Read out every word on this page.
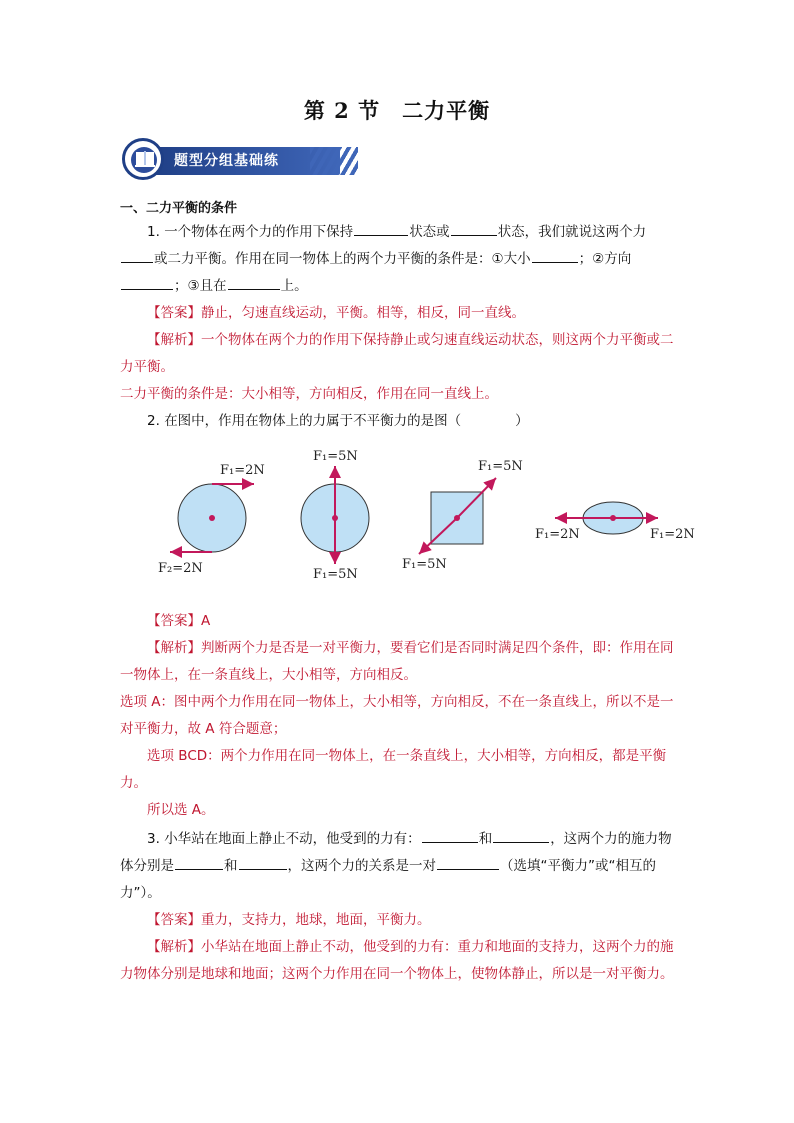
第 2 节　二力平衡
题型分组基础练
一、二力平衡的条件
1. 一个物体在两个力的作用下保持	状态或	状态，我们就说这两个力或二力平衡。作用在同一物体上的两个力平衡的条件是：①大小	；②方向；③且在	上。
【答案】静止，匀速直线运动，平衡。相等，相反，同一直线。
【解析】一个物体在两个力的作用下保持静止或匀速直线运动状态，则这两个力平衡或二力平衡。
二力平衡的条件是：大小相等，方向相反，作用在同一直线上。
2. 在图中，作用在物体上的力属于不平衡力的是图（　　　　）
F₁=2N
F₂=2N
F₁=5N
F₁=5N
F₁=5N
F₁=5N
F₁=2N	F₁=2N
【答案】A
【解析】判断两个力是否是一对平衡力，要看它们是否同时满足四个条件，即：作用在同一物体上，在一条直线上，大小相等，方向相反。
选项 A：图中两个力作用在同一物体上，大小相等，方向相反，不在一条直线上，所以不是一对平衡力，故 A 符合题意；
选项 BCD：两个力作用在同一物体上，在一条直线上，大小相等，方向相反，都是平衡力。
所以选 A。
3. 小华站在地面上静止不动，他受到的力有：	和	，这两个力的施力物体分别是	和	，这两个力的关系是一对	（选填“平衡力”或“相互的力”）。
【答案】重力，支持力，地球，地面，平衡力。
【解析】小华站在地面上静止不动，他受到的力有：重力和地面的支持力，这两个力的施力物体分别是地球和地面；这两个力作用在同一个物体上，使物体静止，所以是一对平衡力。
